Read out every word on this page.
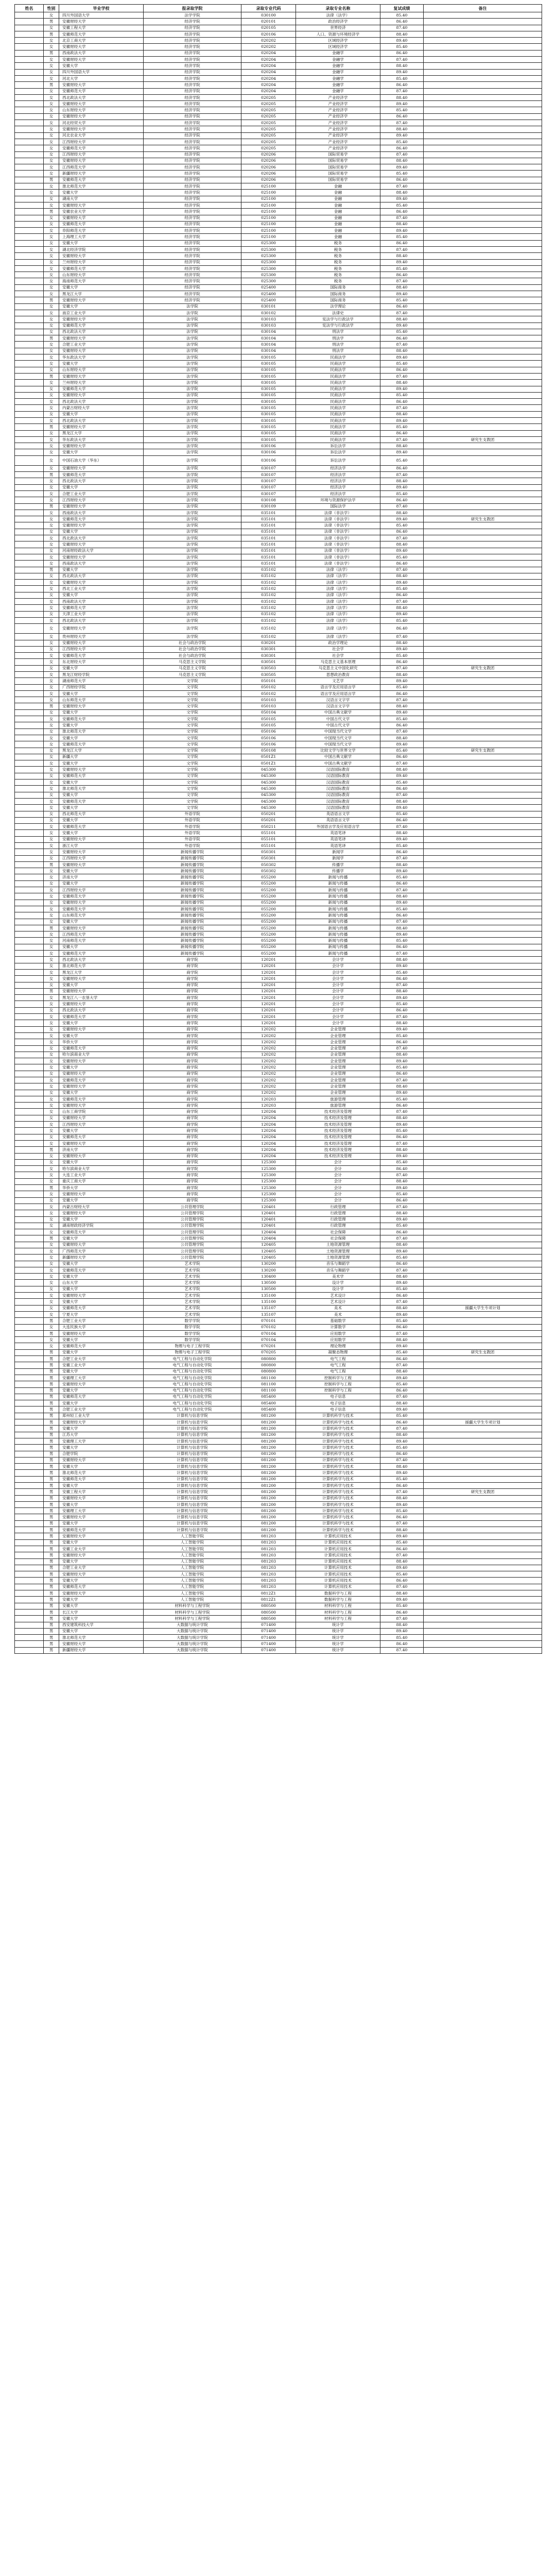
姓名	性别	毕业学校	报录取学院	录取专业代码	录取专业名称	复试成绩	备注
	女	四川外国语大学	法学学院	030100	法律（法学）	85.40	
	男	安徽财经大学	经济学院	020101	政治经济学	86.40	
	女	安徽工程大学	经济学院	020105	世界经济	87.40	
	男	安徽师范大学	经济学院	020106	人口、资源与环境经济学	88.40	
	女	北京工商大学	经济学院	020202	区域经济学	89.40	
	女	安徽财经大学	经济学院	020202	区域经济学	85.40	
	男	西南政法大学	经济学院	020204	金融学	86.40	
	女	安徽财经大学	经济学院	020204	金融学	87.40	
	女	安徽大学	经济学院	020204	金融学	88.40	
	女	四川外国语大学	经济学院	020204	金融学	89.40	
	女	河北大学	经济学院	020204	金融学	85.40	
	男	安徽财经大学	经济学院	020204	金融学	86.40	
	女	安徽师范大学	经济学院	020204	金融学	87.40	
	女	西北政法大学	经济学院	020205	产业经济学	88.40	
	女	安徽财经大学	经济学院	020205	产业经济学	89.40	
	女	山东财经大学	经济学院	020205	产业经济学	85.40	
	女	安徽财经大学	经济学院	020205	产业经济学	86.40	
	女	河北经贸大学	经济学院	020205	产业经济学	87.40	
	女	安徽财经大学	经济学院	020205	产业经济学	88.40	
	女	河北农业大学	经济学院	020205	产业经济学	89.40	
	女	江西财经大学	经济学院	020205	产业经济学	85.40	
	女	安徽师范大学	经济学院	020205	产业经济学	86.40	
	女	江西财经大学	经济学院	020206	国际贸易学	87.40	
	女	安徽财经大学	经济学院	020206	国际贸易学	88.40	
	女	江西师范大学	经济学院	020206	国际贸易学	89.40	
	女	新疆财经大学	经济学院	020206	国际贸易学	85.40	
	男	安徽师范大学	经济学院	020206	国际贸易学	86.40	
	女	淮北师范大学	经济学院	025100	金融	87.40	
	女	安徽大学	经济学院	025100	金融	88.40	
	女	湖南大学	经济学院	025100	金融	89.40	
	女	安徽财经大学	经济学院	025100	金融	85.40	
	男	安徽农业大学	经济学院	025100	金融	86.40	
	女	安徽财经大学	经济学院	025100	金融	87.40	
	女	安徽师范大学	经济学院	025100	金融	88.40	
	女	阜阳师范大学	经济学院	025100	金融	89.40	
	女	上海理工大学	经济学院	025100	金融	85.40	
	女	安徽大学	经济学院	025300	税务	86.40	
	女	湖北经济学院	经济学院	025300	税务	87.40	
	女	安徽财经大学	经济学院	025300	税务	88.40	
	女	兰州财经大学	经济学院	025300	税务	89.40	
	女	安徽师范大学	经济学院	025300	税务	85.40	
	女	山东财经大学	经济学院	025300	税务	86.40	
	女	海南师范大学	经济学院	025300	税务	87.40	
	女	安徽大学	经济学院	025400	国际商务	88.40	
	女	黑龙江大学	经济学院	025400	国际商务	89.40	
	男	安徽财经大学	经济学院	025400	国际商务	85.40	
	女	安徽大学	法学院	030101	法学理论	86.40	
	女	南京工业大学	法学院	030102	法律史	87.40	
	女	安徽财经大学	法学院	030103	宪法学与行政法学	88.40	
	女	安徽师范大学	法学院	030103	宪法学与行政法学	89.40	
	女	西北政法大学	法学院	030104	刑法学	85.40	
	男	安徽财经大学	法学院	030104	刑法学	86.40	
	女	合肥工业大学	法学院	030104	刑法学	87.40	
	女	安徽财经大学	法学院	030104	刑法学	88.40	
	女	华东政法大学	法学院	030105	民商法学	89.40	
	女	安徽大学	法学院	030105	民商法学	85.40	
	女	山东财经大学	法学院	030105	民商法学	86.40	
	男	安徽财经大学	法学院	030105	民商法学	87.40	
	女	兰州财经大学	法学院	030105	民商法学	88.40	
	女	安徽师范大学	法学院	030105	民商法学	89.40	
	女	安徽财经大学	法学院	030105	民商法学	85.40	
	女	西北政法大学	法学院	030105	民商法学	86.40	
	女	内蒙古财经大学	法学院	030105	民商法学	87.40	
	女	安徽大学	法学院	030105	民商法学	88.40	
	女	西北政法大学	法学院	030105	民商法学	89.40	
	男	安徽财经大学	法学院	030105	民商法学	85.40	
	女	黑龙江大学	法学院	030105	民商法学	86.40	
	女	华东政法大学	法学院	030105	民商法学	87.40	研究生支教团
	女	安徽财经大学	法学院	030106	诉讼法学	88.40	
	女	安徽大学	法学院	030106	诉讼法学	89.40	
	女	中国石油大学（华东）	法学院	030106	诉讼法学	85.40	
	女	安徽财经大学	法学院	030107	经济法学	86.40	
	男	安徽师范大学	法学院	030107	经济法学	87.40	
	女	西北政法大学	法学院	030107	经济法学	88.40	
	女	安徽大学	法学院	030107	经济法学	89.40	
	女	合肥工业大学	法学院	030107	经济法学	85.40	
	女	江西财经大学	法学院	030108	环境与资源保护法学	86.40	
	男	安徽财经大学	法学院	030109	国际法学	87.40	
	女	西南政法大学	法学院	035101	法律（非法学）	88.40	
	女	安徽师范大学	法学院	035101	法律（非法学）	89.40	研究生支教团
	女	安徽财经大学	法学院	035101	法律（非法学）	85.40	
	女	安徽大学	法学院	035101	法律（非法学）	86.40	
	女	西北政法大学	法学院	035101	法律（非法学）	87.40	
	女	安徽财经大学	法学院	035101	法律（非法学）	88.40	
	女	河南财经政法大学	法学院	035101	法律（非法学）	89.40	
	女	安徽财经大学	法学院	035101	法律（非法学）	85.40	
	女	西南政法大学	法学院	035101	法律（非法学）	86.40	
	男	安徽大学	法学院	035102	法律（法学）	87.40	
	女	西北政法大学	法学院	035102	法律（法学）	88.40	
	女	安徽财经大学	法学院	035102	法律（法学）	89.40	
	女	西北工业大学	法学院	035102	法律（法学）	85.40	
	女	安徽大学	法学院	035102	法律（法学）	86.40	
	女	西南政法大学	法学院	035102	法律（法学）	87.40	
	女	安徽师范大学	法学院	035102	法律（法学）	88.40	
	女	天津工业大学	法学院	035102	法律（法学）	89.40	
	女	西北政法大学	法学院	035102	法律（法学）	85.40	
	女	安徽财经大学	法学院	035102	法律（法学）	86.40	
	女	贵州财经大学	法学院	035102	法律（法学）	87.40	
	女	安徽财经大学	社会与政治学院	030201	政治学理论	88.40	
	女	江西财经大学	社会与政治学院	030301	社会学	89.40	
	女	安徽师范大学	社会与政治学院	030301	社会学	85.40	
	女	东北财经大学	马克思主义学院	030501	马克思主义基本原理	86.40	
	女	安徽大学	马克思主义学院	030503	马克思主义中国化研究	87.40	研究生支教团
	女	黑龙江财经学院	马克思主义学院	030505	思想政治教育	88.40	
	女	湖南师范大学	文学院	050101	文艺学	89.40	
	女	广西财经学院	文学院	050102	语言学及应用语言学	85.40	
	女	安徽大学	文学院	050102	语言学及应用语言学	86.40	
	女	山东师范大学	文学院	050103	汉语言文字学	87.40	
	男	安徽财经大学	文学院	050103	汉语言文字学	88.40	
	女	安徽大学	文学院	050104	中国古典文献学	89.40	
	女	安徽师范大学	文学院	050105	中国古代文学	85.40	
	女	安徽大学	文学院	050105	中国古代文学	86.40	
	女	淮北师范大学	文学院	050106	中国现当代文学	87.40	
	女	安徽大学	文学院	050106	中国现当代文学	88.40	
	女	安徽师范大学	文学院	050106	中国现当代文学	89.40	
	女	黑龙江大学	文学院	050108	比较文学与世界文学	85.40	研究生支教团
	女	新疆大学	文学院	0501Z1	中国古典文献学	86.40	
	女	安徽大学	文学院	0501Z1	中国古典文献学	87.40	
	女	安徽财经大学	文学院	045300	汉语国际教育	88.40	
	女	安徽师范大学	文学院	045300	汉语国际教育	89.40	
	女	安徽大学	文学院	045300	汉语国际教育	85.40	
	女	淮北师范大学	文学院	045300	汉语国际教育	86.40	
	女	安徽大学	文学院	045300	汉语国际教育	87.40	
	女	安徽师范大学	文学院	045300	汉语国际教育	88.40	
	女	安徽大学	文学院	045300	汉语国际教育	89.40	
	女	西北师范大学	外语学院	050201	英语语言文学	85.40	
	女	安徽大学	外语学院	050201	英语语言文学	86.40	
	女	安徽师范大学	外语学院	050211	外国语言学及应用语言学	87.40	
	女	安徽大学	外语学院	055101	英语笔译	88.40	
	女	安徽财经大学	外语学院	055101	英语笔译	89.40	
	女	浙江大学	外语学院	055101	英语笔译	85.40	
	女	安徽财经大学	新闻传播学院	050301	新闻学	86.40	
	女	江西财经大学	新闻传播学院	050301	新闻学	87.40	
	男	安徽财经大学	新闻传播学院	050302	传播学	88.40	
	女	安徽大学	新闻传播学院	050302	传播学	89.40	
	女	济南大学	新闻传播学院	055200	新闻与传播	85.40	
	女	安徽大学	新闻传播学院	055200	新闻与传播	86.40	
	女	江西财经大学	新闻传播学院	055200	新闻与传播	87.40	
	女	安徽师范大学	新闻传播学院	055200	新闻与传播	88.40	
	女	安徽财经大学	新闻传播学院	055200	新闻与传播	89.40	
	女	安徽师范大学	新闻传播学院	055200	新闻与传播	85.40	
	女	山东师范大学	新闻传播学院	055200	新闻与传播	86.40	
	女	安徽大学	新闻传播学院	055200	新闻与传播	87.40	
	男	安徽财经大学	新闻传播学院	055200	新闻与传播	88.40	
	女	江西师范大学	新闻传播学院	055200	新闻与传播	89.40	
	女	河南师范大学	新闻传播学院	055200	新闻与传播	85.40	
	女	安徽大学	新闻传播学院	055200	新闻与传播	86.40	
	女	安徽师范大学	新闻传播学院	055200	新闻与传播	87.40	
	女	西北政法大学	商学院	120201	会计学	88.40	
	女	淮北师范大学	商学院	120201	会计学	89.40	
	女	黑龙江大学	商学院	120201	会计学	85.40	
	女	安徽财经大学	商学院	120201	会计学	86.40	
	女	安徽大学	商学院	120201	会计学	87.40	
	男	安徽财经大学	商学院	120201	会计学	88.40	
	女	黑龙江八一农垦大学	商学院	120201	会计学	89.40	
	女	安徽财经大学	商学院	120201	会计学	85.40	
	女	西北政法大学	商学院	120201	会计学	86.40	
	女	安徽师范大学	商学院	120201	会计学	87.40	
	女	安徽大学	商学院	120201	会计学	88.40	
	女	安徽财经大学	商学院	120202	企业管理	89.40	
	女	安徽大学	商学院	120202	企业管理	85.40	
	女	华侨大学	商学院	120202	企业管理	86.40	
	女	安徽师范大学	商学院	120202	企业管理	87.40	
	女	哈尔滨商业大学	商学院	120202	企业管理	88.40	
	女	安徽财经大学	商学院	120202	企业管理	89.40	
	女	安徽大学	商学院	120202	企业管理	85.40	
	女	安徽财经大学	商学院	120202	企业管理	86.40	
	女	安徽师范大学	商学院	120202	企业管理	87.40	
	女	安徽财经大学	商学院	120202	企业管理	88.40	
	女	安徽大学	商学院	120202	企业管理	89.40	
	女	安徽师范大学	商学院	120203	旅游管理	85.40	
	女	安徽财经大学	商学院	120203	旅游管理	86.40	
	女	山东工商学院	商学院	120204	技术经济及管理	87.40	
	女	安徽财经大学	商学院	120204	技术经济及管理	88.40	
	女	江西财经大学	商学院	120204	技术经济及管理	89.40	
	女	安徽大学	商学院	120204	技术经济及管理	85.40	
	女	安徽师范大学	商学院	120204	技术经济及管理	86.40	
	女	安徽财经大学	商学院	120204	技术经济及管理	87.40	
	男	济南大学	商学院	120204	技术经济及管理	88.40	
	女	安徽财经大学	商学院	120204	技术经济及管理	89.40	
	女	安徽大学	商学院	125300	会计	85.40	
	女	哈尔滨商业大学	商学院	125300	会计	86.40	
	女	大连工业大学	商学院	125300	会计	87.40	
	女	重庆工商大学	商学院	125300	会计	88.40	
	男	华侨大学	商学院	125300	会计	89.40	
	女	安徽财经大学	商学院	125300	会计	85.40	
	女	安徽大学	商学院	125300	会计	86.40	
	女	内蒙古财经大学	公共管理学院	120401	行政管理	87.40	
	女	安徽财经大学	公共管理学院	120401	行政管理	88.40	
	女	安徽大学	公共管理学院	120401	行政管理	89.40	
	女	湖南财政经济学院	公共管理学院	120401	行政管理	85.40	
	女	安徽师范大学	公共管理学院	120404	社会保障	86.40	
	男	安徽大学	公共管理学院	120404	社会保障	87.40	
	女	安徽财经大学	公共管理学院	120405	土地资源管理	88.40	
	女	广西师范大学	公共管理学院	120405	土地资源管理	89.40	
	女	新疆财经大学	公共管理学院	120405	土地资源管理	85.40	
	女	安徽大学	艺术学院	130200	音乐与舞蹈学	86.40	
	女	安徽师范大学	艺术学院	130200	音乐与舞蹈学	87.40	
	女	安徽大学	艺术学院	130400	美术学	88.40	
	女	山东大学	艺术学院	130500	设计学	89.40	
	女	安徽大学	艺术学院	130500	设计学	85.40	
	女	安徽财经大学	艺术学院	135100	艺术设计	86.40	
	女	安徽大学	艺术学院	135100	艺术设计	87.40	
	女	安徽师范大学	艺术学院	135107	美术	88.40	援疆大学生专项计划
	女	宁夏大学	艺术学院	135107	美术	89.40	
	男	合肥工业大学	数学学院	070101	基础数学	85.40	
	女	大连民族大学	数学学院	070102	计算数学	86.40	
	男	安徽财经大学	数学学院	070104	应用数学	87.40	
	女	安徽大学	数学学院	070104	应用数学	88.40	
	女	安徽师范大学	物理与电子工程学院	070201	理论物理	89.40	
	男	安徽大学	物理与电子工程学院	070205	凝聚态物理	85.40	研究生支教团
	男	合肥工业大学	电气工程与自动化学院	080800	电气工程	86.40	
	男	安徽工业大学	电气工程与自动化学院	080800	电气工程	87.40	
	男	安徽大学	电气工程与自动化学院	080800	电气工程	88.40	
	男	安徽理工大学	电气工程与自动化学院	081100	控制科学与工程	89.40	
	男	安徽财经大学	电气工程与自动化学院	081100	控制科学与工程	85.40	
	男	安徽大学	电气工程与自动化学院	081100	控制科学与工程	86.40	
	男	安徽师范大学	电气工程与自动化学院	085400	电子信息	87.40	
	男	安徽大学	电气工程与自动化学院	085400	电子信息	88.40	
	男	合肥工业大学	电气工程与自动化学院	085400	电子信息	89.40	
	男	郑州轻工业大学	计算机与信息学院	081200	计算机科学与技术	85.40	
	男	安徽财经大学	计算机与信息学院	081200	计算机科学与技术	86.40	援疆大学生专项计划
	男	安徽大学	计算机与信息学院	081200	计算机科学与技术	87.40	
	男	江苏大学	计算机与信息学院	081200	计算机科学与技术	88.40	
	男	安徽理工大学	计算机与信息学院	081200	计算机科学与技术	89.40	
	男	安徽大学	计算机与信息学院	081200	计算机科学与技术	85.40	
	男	合肥学院	计算机与信息学院	081200	计算机科学与技术	86.40	
	男	安徽财经大学	计算机与信息学院	081200	计算机科学与技术	87.40	
	男	安徽大学	计算机与信息学院	081200	计算机科学与技术	88.40	
	男	淮北师范大学	计算机与信息学院	081200	计算机科学与技术	89.40	
	男	安徽师范大学	计算机与信息学院	081200	计算机科学与技术	85.40	
	男	安徽大学	计算机与信息学院	081200	计算机科学与技术	86.40	
	男	安徽工程大学	计算机与信息学院	081200	计算机科学与技术	87.40	研究生支教团
	男	安徽财经大学	计算机与信息学院	081200	计算机科学与技术	88.40	
	男	安徽大学	计算机与信息学院	081200	计算机科学与技术	89.40	
	男	安徽理工大学	计算机与信息学院	081200	计算机科学与技术	85.40	
	男	安徽财经大学	计算机与信息学院	081200	计算机科学与技术	86.40	
	男	安徽大学	计算机与信息学院	081200	计算机科学与技术	87.40	
	男	安徽师范大学	计算机与信息学院	081200	计算机科学与技术	88.40	
	男	安徽财经大学	人工智能学院	081203	计算机应用技术	89.40	
	男	安徽大学	人工智能学院	081203	计算机应用技术	85.40	
	男	安徽工业大学	人工智能学院	081203	计算机应用技术	86.40	
	男	安徽财经大学	人工智能学院	081203	计算机应用技术	87.40	
	男	安徽大学	人工智能学院	081203	计算机应用技术	88.40	
	男	合肥工业大学	人工智能学院	081203	计算机应用技术	89.40	
	男	安徽财经大学	人工智能学院	081203	计算机应用技术	85.40	
	男	安徽大学	人工智能学院	081203	计算机应用技术	86.40	
	男	安徽师范大学	人工智能学院	081203	计算机应用技术	87.40	
	男	安徽财经大学	人工智能学院	0812Z1	数据科学与工程	88.40	
	男	安徽大学	人工智能学院	0812Z1	数据科学与工程	89.40	
	男	安徽大学	材料科学与工程学院	080500	材料科学与工程	85.40	
	男	长江大学	材料科学与工程学院	080500	材料科学与工程	86.40	
	男	安徽大学	材料科学与工程学院	080500	材料科学与工程	87.40	
	男	西安建筑科技大学	大数据与统计学院	071400	统计学	88.40	
	男	安徽大学	大数据与统计学院	071400	统计学	89.40	
	男	淮北师范大学	大数据与统计学院	071400	统计学	85.40	
	男	安徽财经大学	大数据与统计学院	071400	统计学	86.40	
	男	新疆财经大学	大数据与统计学院	071400	统计学	87.40	
